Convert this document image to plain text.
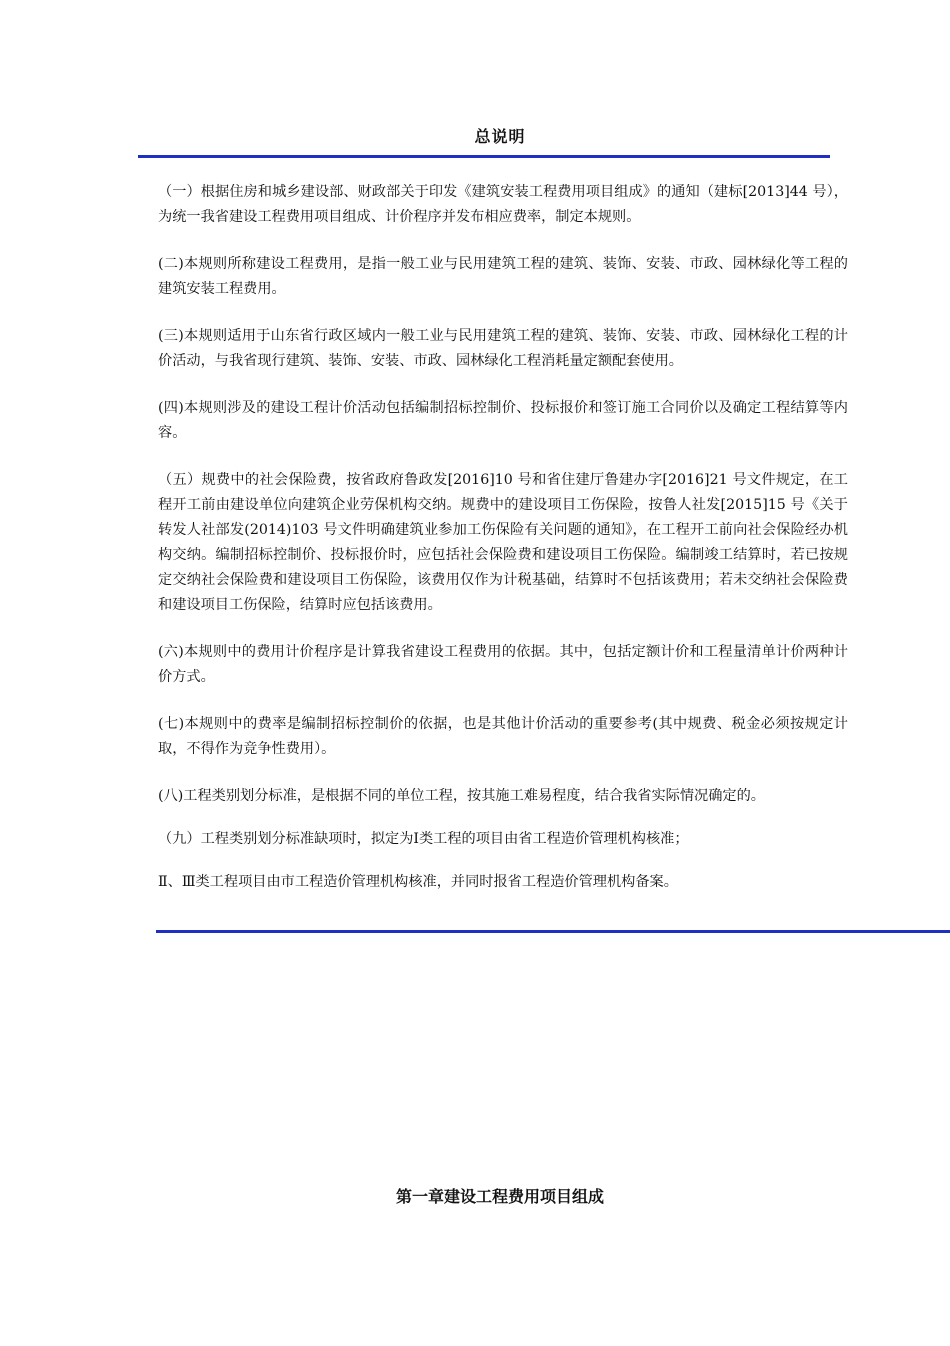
总说明

（一）根据住房和城乡建设部、财政部关于印发《建筑安装工程费用项目组成》的通知（建标[2013]44 号），为统一我省建设工程费用项目组成、计价程序并发布相应费率，制定本规则。

(二)本规则所称建设工程费用，是指一般工业与民用建筑工程的建筑、装饰、安装、市政、园林绿化等工程的建筑安装工程费用。

(三)本规则适用于山东省行政区域内一般工业与民用建筑工程的建筑、装饰、安装、市政、园林绿化工程的计价活动，与我省现行建筑、装饰、安装、市政、园林绿化工程消耗量定额配套使用。

(四)本规则涉及的建设工程计价活动包括编制招标控制价、投标报价和签订施工合同价以及确定工程结算等内容。

（五）规费中的社会保险费，按省政府鲁政发[2016]10 号和省住建厅鲁建办字[2016]21 号文件规定，在工程开工前由建设单位向建筑企业劳保机构交纳。规费中的建设项目工伤保险，按鲁人社发[2015]15 号《关于转发人社部发(2014)103 号文件明确建筑业参加工伤保险有关问题的通知》，在工程开工前向社会保险经办机构交纳。编制招标控制价、投标报价时，应包括社会保险费和建设项目工伤保险。编制竣工结算时，若已按规定交纳社会保险费和建设项目工伤保险，该费用仅作为计税基础，结算时不包括该费用；若未交纳社会保险费和建设项目工伤保险，结算时应包括该费用。

(六)本规则中的费用计价程序是计算我省建设工程费用的依据。其中，包括定额计价和工程量清单计价两种计价方式。

(七)本规则中的费率是编制招标控制价的依据，也是其他计价活动的重要参考(其中规费、税金必须按规定计取，不得作为竞争性费用）。

(八)工程类别划分标准，是根据不同的单位工程，按其施工难易程度，结合我省实际情况确定的。

（九）工程类别划分标准缺项时，拟定为Ⅰ类工程的项目由省工程造价管理机构核准；

Ⅱ、Ⅲ类工程项目由市工程造价管理机构核准，并同时报省工程造价管理机构备案。

第一章建设工程费用项目组成
